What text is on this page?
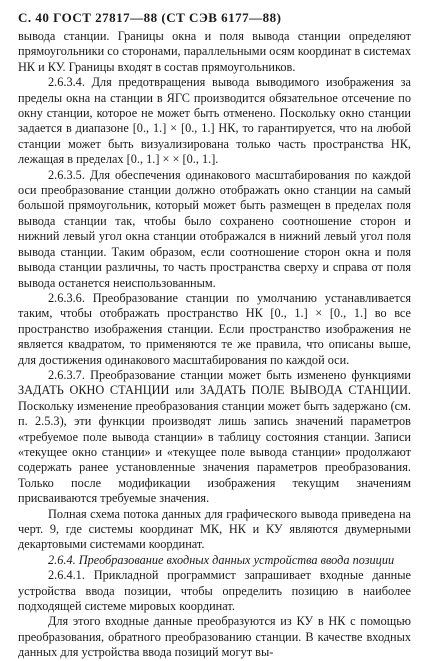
С. 40 ГОСТ 27817—88 (СТ СЭВ 6177—88)

вывода станции. Границы окна и поля вывода станции определяют прямоугольники со сторонами, параллельными осям координат в системах НК и КУ. Границы входят в состав прямоугольников.

2.6.3.4. Для предотвращения вывода выводимого изображения за пределы окна на станции в ЯГС производится обязательное отсечение по окну станции, которое не может быть отменено. Поскольку окно станции задается в диапазоне [0., 1.] × [0., 1.] НК, то гарантируется, что на любой станции может быть визуализирована только часть пространства НК, лежащая в пределах [0., 1.] × × [0., 1.].

2.6.3.5. Для обеспечения одинакового масштабирования по каждой оси преобразование станции должно отображать окно станции на самый большой прямоугольник, который может быть размещен в пределах поля вывода станции так, чтобы было сохранено соотношение сторон и нижний левый угол окна станции отображался в нижний левый угол поля вывода станции. Таким образом, если соотношение сторон окна и поля вывода станции различны, то часть пространства сверху и справа от поля вывода останется неиспользованным.

2.6.3.6. Преобразование станции по умолчанию устанавливается таким, чтобы отображать пространство НК [0., 1.] × [0., 1.] во все пространство изображения станции. Если пространство изображения не является квадратом, то применяются те же правила, что описаны выше, для достижения одинакового масштабирования по каждой оси.

2.6.3.7. Преобразование станции может быть изменено функциями ЗАДАТЬ ОКНО СТАНЦИИ или ЗАДАТЬ ПОЛЕ ВЫВОДА СТАНЦИИ. Поскольку изменение преобразования станции может быть задержано (см. п. 2.5.3), эти функции производят лишь запись значений параметров «требуемое поле вывода станции» в таблицу состояния станции. Записи «текущее окно станции» и «текущее поле вывода станции» продолжают содержать ранее установленные значения параметров преобразования. Только после модификации изображения текущим значениям присваиваются требуемые значения.

Полная схема потока данных для графического вывода приведена на черт. 9, где системы координат МК, НК и КУ являются двумерными декартовыми системами координат.

2.6.4. Преобразование входных данных устройства ввода позиции

2.6.4.1. Прикладной программист запрашивает входные данные устройства ввода позиции, чтобы определить позицию в наиболее подходящей системе мировых координат.

Для этого входные данные преобразуются из КУ в НК с помощью преобразования, обратного преобразованию станции. В качестве входных данных для устройства ввода позиций могут вы-
